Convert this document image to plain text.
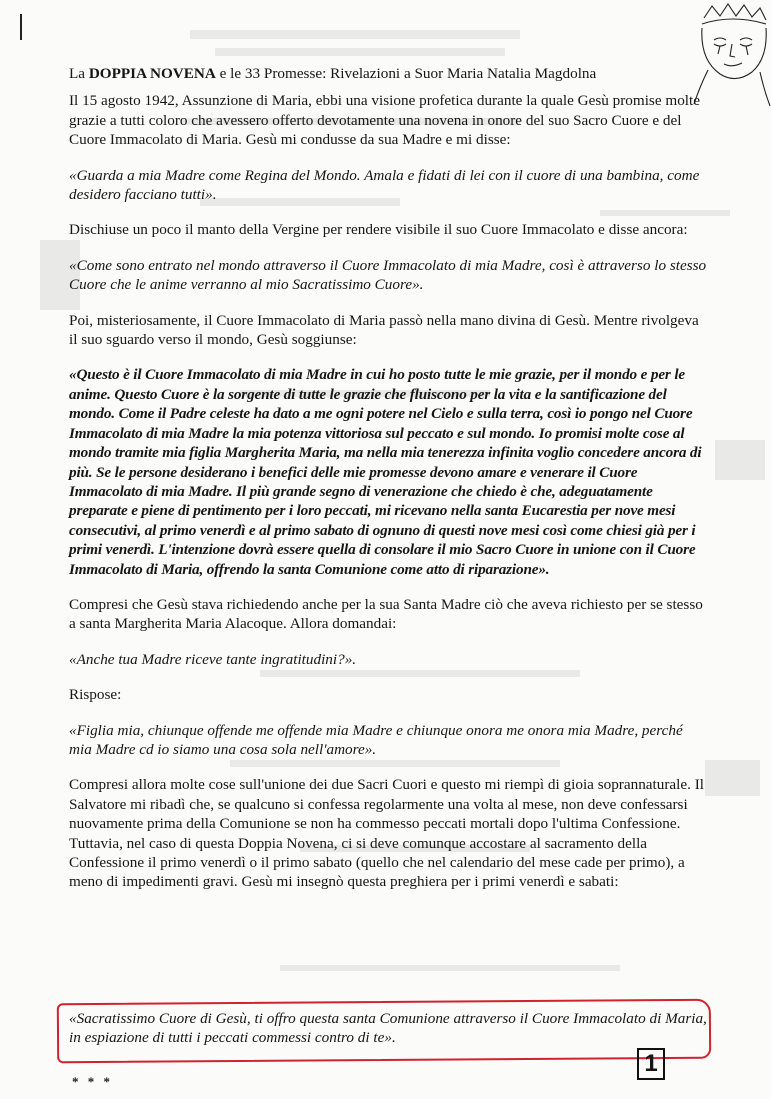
La DOPPIA NOVENA e le 33 Promesse: Rivelazioni a Suor Maria Natalia Magdolna

Il 15 agosto 1942, Assunzione di Maria, ebbi una visione profetica durante la quale Gesù promise molte grazie a tutti coloro che avessero offerto devotamente una novena in onore del suo Sacro Cuore e del Cuore Immacolato di Maria. Gesù mi condusse da sua Madre e mi disse:

«Guarda a mia Madre come Regina del Mondo. Amala e fidati di lei con il cuore di una bambina, come desidero facciano tutti».

Dischiuse un poco il manto della Vergine per rendere visibile il suo Cuore Immacolato e disse ancora:

«Come sono entrato nel mondo attraverso il Cuore Immacolato di mia Madre, così è attraverso lo stesso Cuore che le anime verranno al mio Sacratissimo Cuore».

Poi, misteriosamente, il Cuore Immacolato di Maria passò nella mano divina di Gesù. Mentre rivolgeva il suo sguardo verso il mondo, Gesù soggiunse:

«Questo è il Cuore Immacolato di mia Madre in cui ho posto tutte le mie grazie, per il mondo e per le anime. Questo Cuore è la sorgente di tutte le grazie che fluiscono per la vita e la santificazione del mondo. Come il Padre celeste ha dato a me ogni potere nel Cielo e sulla terra, così io pongo nel Cuore Immacolato di mia Madre la mia potenza vittoriosa sul peccato e sul mondo. Io promisi molte cose al mondo tramite mia figlia Margherita Maria, ma nella mia tenerezza infinita voglio concedere ancora di più. Se le persone desiderano i benefici delle mie promesse devono amare e venerare il Cuore Immacolato di mia Madre. Il più grande segno di venerazione che chiedo è che, adeguatamente preparate e piene di pentimento per i loro peccati, mi ricevano nella santa Eucarestia per nove mesi consecutivi, al primo venerdì e al primo sabato di ognuno di questi nove mesi così come chiesi già per i primi venerdì. L'intenzione dovrà essere quella di consolare il mio Sacro Cuore in unione con il Cuore Immacolato di Maria, offrendo la santa Comunione come atto di riparazione».

Compresi che Gesù stava richiedendo anche per la sua Santa Madre ciò che aveva richiesto per se stesso a santa Margherita Maria Alacoque. Allora domandai:

«Anche tua Madre riceve tante ingratitudini?».

Rispose:

«Figlia mia, chiunque offende me offende mia Madre e chiunque onora me onora mia Madre, perché mia Madre cd io siamo una cosa sola nell'amore».

Compresi allora molte cose sull'unione dei due Sacri Cuori e questo mi riempì di gioia soprannaturale. Il Salvatore mi ribadì che, se qualcuno si confessa regolarmente una volta al mese, non deve confessarsi nuovamente prima della Comunione se non ha commesso peccati mortali dopo l'ultima Confessione. Tuttavia, nel caso di questa Doppia Novena, ci si deve comunque accostare al sacramento della Confessione il primo venerdì o il primo sabato (quello che nel calendario del mese cade per primo), a meno di impedimenti gravi. Gesù mi insegnò questa preghiera per i primi venerdì e sabati:

«Sacratissimo Cuore di Gesù, ti offro questa santa Comunione attraverso il Cuore Immacolato di Maria, in espiazione di tutti i peccati commessi contro di te».

* * *

1
